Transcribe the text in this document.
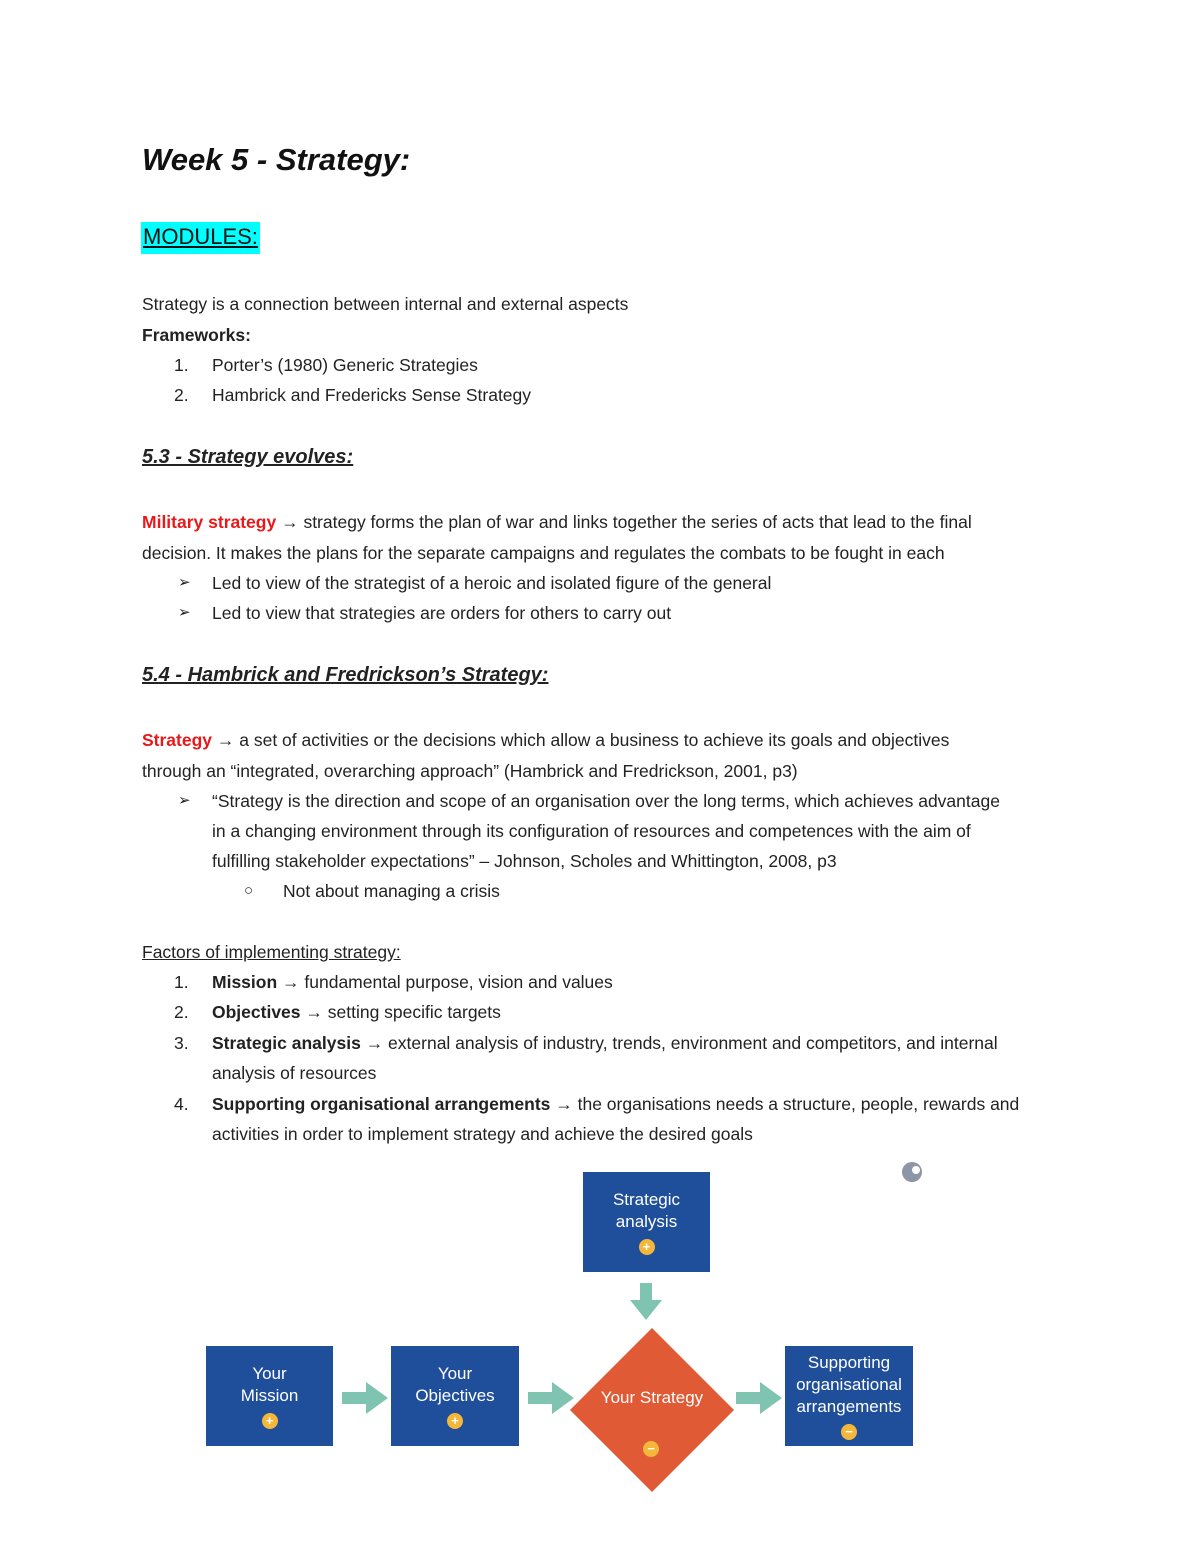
Week 5 - Strategy:
MODULES:
Strategy is a connection between internal and external aspects
Frameworks:
1. Porter’s (1980) Generic Strategies
2. Hambrick and Fredericks Sense Strategy
5.3 - Strategy evolves:
Military strategy → strategy forms the plan of war and links together the series of acts that lead to the final
decision. It makes the plans for the separate campaigns and regulates the combats to be fought in each
➢ Led to view of the strategist of a heroic and isolated figure of the general
➢ Led to view that strategies are orders for others to carry out
5.4 - Hambrick and Fredrickson’s Strategy:
Strategy → a set of activities or the decisions which allow a business to achieve its goals and objectives
through an “integrated, overarching approach” (Hambrick and Fredrickson, 2001, p3)
➢ “Strategy is the direction and scope of an organisation over the long terms, which achieves advantage
in a changing environment through its configuration of resources and competences with the aim of
fulfilling stakeholder expectations” – Johnson, Scholes and Whittington, 2008, p3
○ Not about managing a crisis
Factors of implementing strategy:
1. Mission → fundamental purpose, vision and values
2. Objectives → setting specific targets
3. Strategic analysis → external analysis of industry, trends, environment and competitors, and internal
analysis of resources
4. Supporting organisational arrangements → the organisations needs a structure, people, rewards and
activities in order to implement strategy and achieve the desired goals
Strategic analysis
+
Your Mission
+
Your Objectives
+
Your Strategy
−
Supporting organisational arrangements
−
